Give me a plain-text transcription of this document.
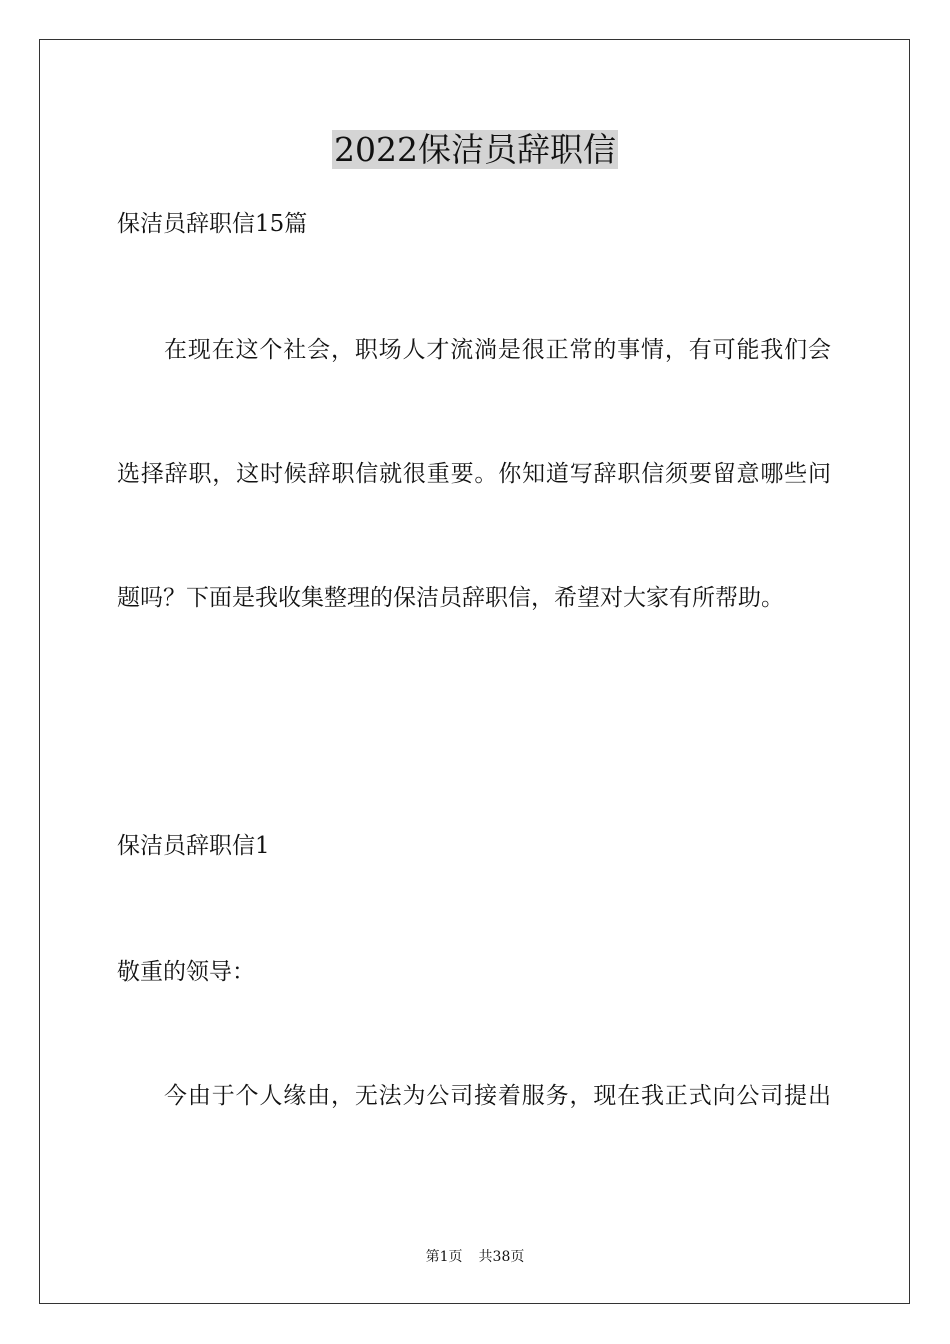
2022保洁员辞职信
保洁员辞职信15篇
在现在这个社会，职场人才流淌是很正常的事情，有可能我们会
选择辞职，这时候辞职信就很重要。你知道写辞职信须要留意哪些问
题吗？下面是我收集整理的保洁员辞职信，希望对大家有所帮助。
保洁员辞职信1
敬重的领导：
今由于个人缘由，无法为公司接着服务，现在我正式向公司提出
第1页 共38页
